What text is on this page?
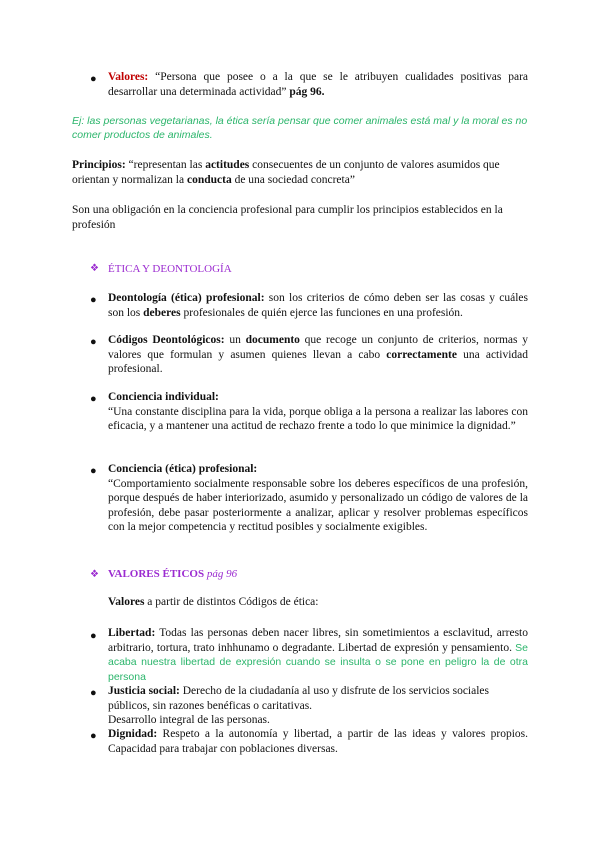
● Valores: “Persona que posee o a la que se le atribuyen cualidades positivas para desarrollar una determinada actividad” pág 96.
Ej: las personas vegetarianas, la ética sería pensar que comer animales está mal y la moral es no comer productos de animales.
Principios: “representan las actitudes consecuentes de un conjunto de valores asumidos que orientan y normalizan la conducta de una sociedad concreta”
Son una obligación en la conciencia profesional para cumplir los principios establecidos en la profesión
❖ ÉTICA Y DEONTOLOGÍA
● Deontología (ética) profesional: son los criterios de cómo deben ser las cosas y cuáles son los deberes profesionales de quién ejerce las funciones en una profesión.
● Códigos Deontológicos: un documento que recoge un conjunto de criterios, normas y valores que formulan y asumen quienes llevan a cabo correctamente una actividad profesional.
● Conciencia individual:
“Una constante disciplina para la vida, porque obliga a la persona a realizar las labores con eficacia, y a mantener una actitud de rechazo frente a todo lo que minimice la dignidad.”
● Conciencia (ética) profesional:
“Comportamiento socialmente responsable sobre los deberes específicos de una profesión, porque después de haber interiorizado, asumido y personalizado un código de valores de la profesión, debe pasar posteriormente a analizar, aplicar y resolver problemas específicos con la mejor competencia y rectitud posibles y socialmente exigibles.
❖ VALORES ÉTICOS pág 96
Valores a partir de distintos Códigos de ética:
● Libertad: Todas las personas deben nacer libres, sin sometimientos a esclavitud, arresto arbitrario, tortura, trato inhhunamo o degradante. Libertad de expresión y pensamiento. Se acaba nuestra libertad de expresión cuando se insulta o se pone en peligro la de otra persona
● Justicia social: Derecho de la ciudadanía al uso y disfrute de los servicios sociales públicos, sin razones benéficas o caritativas.
Desarrollo integral de las personas.
● Dignidad: Respeto a la autonomía y libertad, a partir de las ideas y valores propios. Capacidad para trabajar con poblaciones diversas.
